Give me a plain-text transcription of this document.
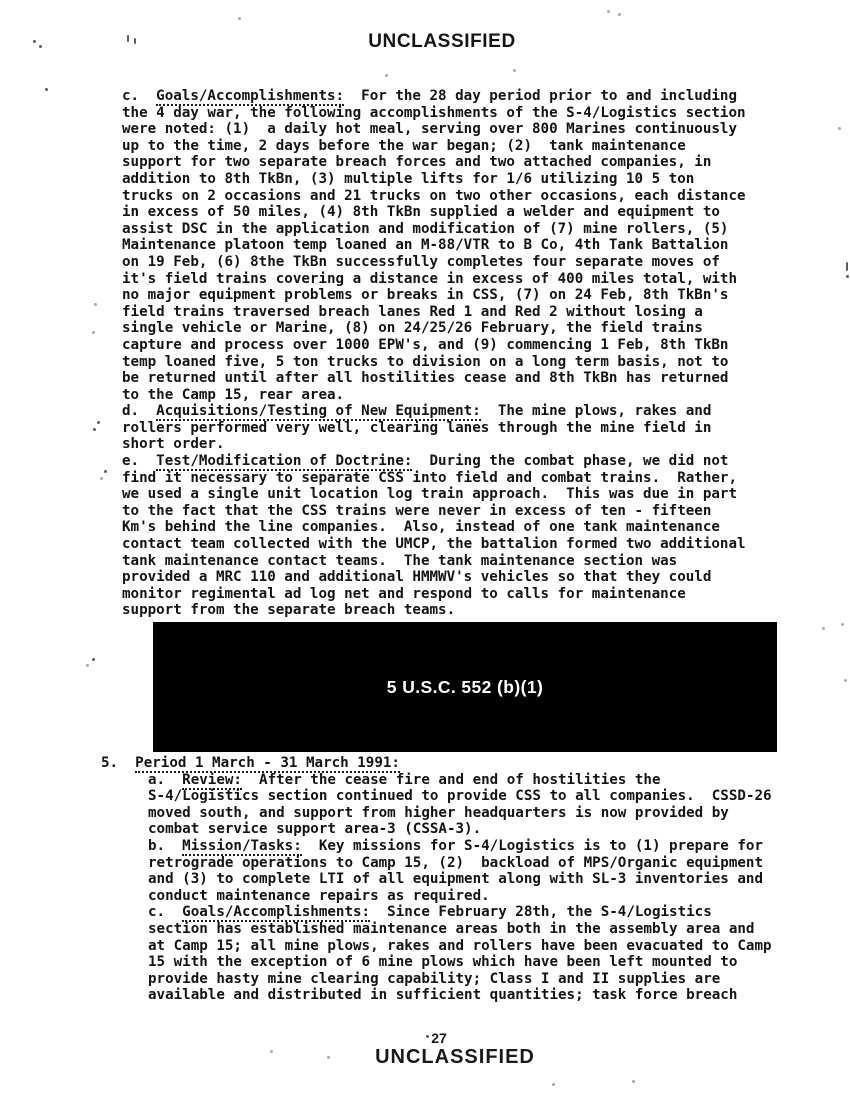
UNCLASSIFIED
c.  Goals/Accomplishments:  For the 28 day period prior to and including
the 4 day war, the following accomplishments of the S-4/Logistics section
were noted: (1)  a daily hot meal, serving over 800 Marines continuously
up to the time, 2 days before the war began; (2)  tank maintenance
support for two separate breach forces and two attached companies, in
addition to 8th TkBn, (3) multiple lifts for 1/6 utilizing 10 5 ton
trucks on 2 occasions and 21 trucks on two other occasions, each distance
in excess of 50 miles, (4) 8th TkBn supplied a welder and equipment to
assist DSC in the application and modification of (7) mine rollers, (5)
Maintenance platoon temp loaned an M-88/VTR to B Co, 4th Tank Battalion
on 19 Feb, (6) 8the TkBn successfully completes four separate moves of
it's field trains covering a distance in excess of 400 miles total, with
no major equipment problems or breaks in CSS, (7) on 24 Feb, 8th TkBn's
field trains traversed breach lanes Red 1 and Red 2 without losing a
single vehicle or Marine, (8) on 24/25/26 February, the field trains
capture and process over 1000 EPW's, and (9) commencing 1 Feb, 8th TkBn
temp loaned five, 5 ton trucks to division on a long term basis, not to
be returned until after all hostilities cease and 8th TkBn has returned
to the Camp 15, rear area.
d.  Acquisitions/Testing of New Equipment:  The mine plows, rakes and
rollers performed very well, clearing lanes through the mine field in
short order.
e.  Test/Modification of Doctrine:  During the combat phase, we did not
find it necessary to separate CSS into field and combat trains.  Rather,
we used a single unit location log train approach.  This was due in part
to the fact that the CSS trains were never in excess of ten - fifteen
Km's behind the line companies.  Also, instead of one tank maintenance
contact team collected with the UMCP, the battalion formed two additional
tank maintenance contact teams.  The tank maintenance section was
provided a MRC 110 and additional HMMWV's vehicles so that they could
monitor regimental ad log net and respond to calls for maintenance
support from the separate breach teams.
5 U.S.C. 552 (b)(1)
5.  Period 1 March - 31 March 1991:
a.  Review:  After the cease fire and end of hostilities the
S-4/Logistics section continued to provide CSS to all companies.  CSSD-26
moved south, and support from higher headquarters is now provided by
combat service support area-3 (CSSA-3).
b.  Mission/Tasks:  Key missions for S-4/Logistics is to (1) prepare for
retrograde operations to Camp 15, (2)  backload of MPS/Organic equipment
and (3) to complete LTI of all equipment along with SL-3 inventories and
conduct maintenance repairs as required.
c.  Goals/Accomplishments:  Since February 28th, the S-4/Logistics
section has established maintenance areas both in the assembly area and
at Camp 15; all mine plows, rakes and rollers have been evacuated to Camp
15 with the exception of 6 mine plows which have been left mounted to
provide hasty mine clearing capability; Class I and II supplies are
available and distributed in sufficient quantities; task force breach
27
UNCLASSIFIED
